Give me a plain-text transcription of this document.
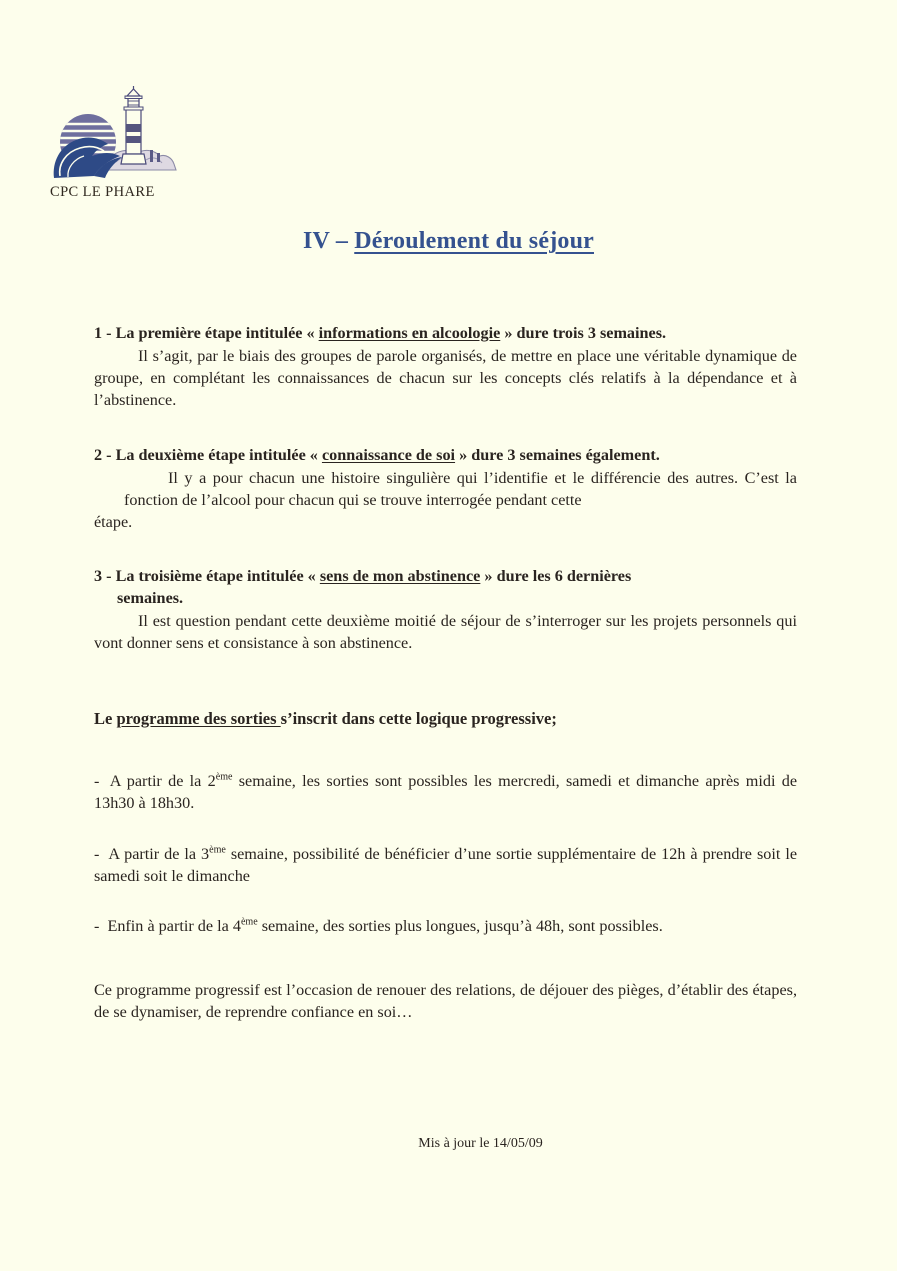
CPC LE PHARE
IV – Déroulement du séjour
1 - La première étape intitulée « informations en alcoologie » dure trois 3 semaines.
Il s’agit, par le biais des groupes de parole organisés, de mettre en place une véritable dynamique de groupe, en complétant les connaissances de chacun sur les concepts clés relatifs à la dépendance et à l’abstinence.
2 - La deuxième étape intitulée « connaissance de soi » dure 3 semaines également.
Il y a pour chacun une histoire singulière qui l’identifie et le différencie des autres. C’est la fonction de l’alcool pour chacun qui se trouve interrogée pendant cette
étape.
3 - La troisième étape intitulée « sens de mon abstinence » dure les 6 dernières
semaines.
Il est question pendant cette deuxième moitié de séjour de s’interroger sur les projets personnels qui vont donner sens et consistance à son abstinence.
Le programme des sorties s’inscrit dans cette logique progressive;
- A partir de la 2ème semaine, les sorties sont possibles les mercredi, samedi et dimanche après midi de 13h30 à 18h30.
- A partir de la 3ème semaine, possibilité de bénéficier d’une sortie supplémentaire de 12h à prendre soit le samedi soit le dimanche
- Enfin à partir de la 4ème semaine, des sorties plus longues, jusqu’à 48h, sont possibles.
Ce programme progressif est l’occasion de renouer des relations, de déjouer des pièges, d’établir des étapes, de se dynamiser, de reprendre confiance en soi…
Mis à jour le 14/05/09
